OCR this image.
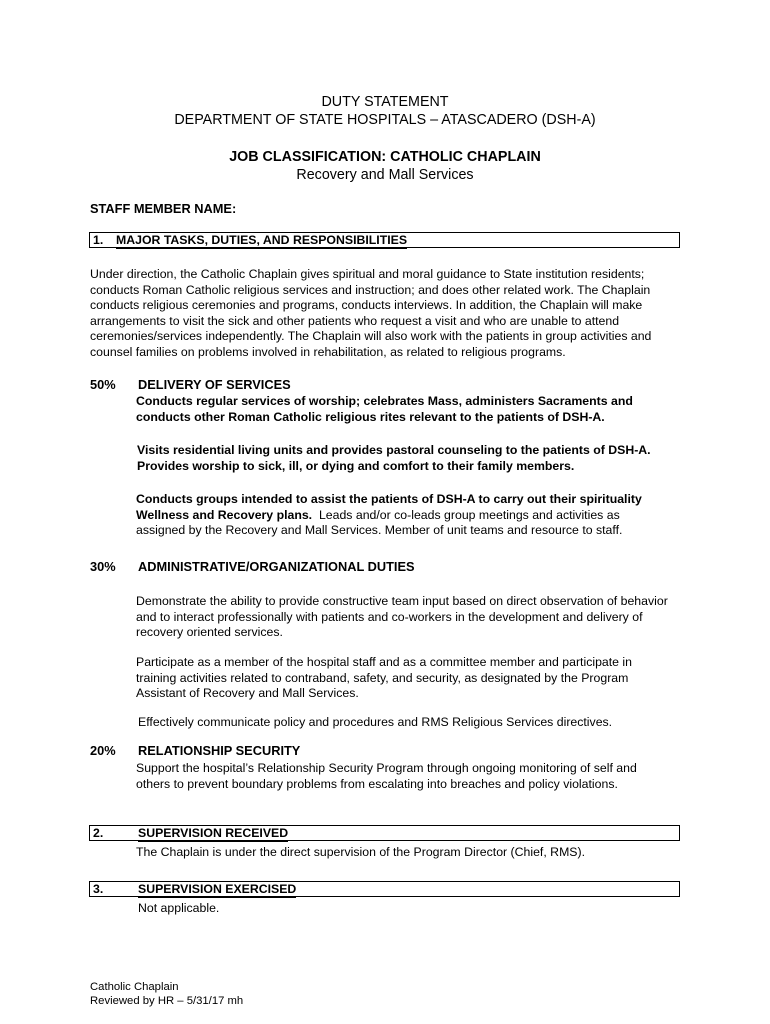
DUTY STATEMENT
DEPARTMENT OF STATE HOSPITALS – ATASCADERO (DSH-A)
JOB CLASSIFICATION: CATHOLIC CHAPLAIN
Recovery and Mall Services
STAFF MEMBER NAME:
1. MAJOR TASKS, DUTIES, AND RESPONSIBILITIES
Under direction, the Catholic Chaplain gives spiritual and moral guidance to State institution residents;
conducts Roman Catholic religious services and instruction; and does other related work. The Chaplain
conducts religious ceremonies and programs, conducts interviews. In addition, the Chaplain will make
arrangements to visit the sick and other patients who request a visit and who are unable to attend
ceremonies/services independently. The Chaplain will also work with the patients in group activities and
counsel families on problems involved in rehabilitation, as related to religious programs.
50% DELIVERY OF SERVICES
Conducts regular services of worship; celebrates Mass, administers Sacraments and
conducts other Roman Catholic religious rites relevant to the patients of DSH-A.
Visits residential living units and provides pastoral counseling to the patients of DSH-A.
Provides worship to sick, ill, or dying and comfort to their family members.
Conducts groups intended to assist the patients of DSH-A to carry out their spirituality
Wellness and Recovery plans.  Leads and/or co-leads group meetings and activities as
assigned by the Recovery and Mall Services. Member of unit teams and resource to staff.
30% ADMINISTRATIVE/ORGANIZATIONAL DUTIES
Demonstrate the ability to provide constructive team input based on direct observation of behavior
and to interact professionally with patients and co-workers in the development and delivery of
recovery oriented services.
Participate as a member of the hospital staff and as a committee member and participate in
training activities related to contraband, safety, and security, as designated by the Program
Assistant of Recovery and Mall Services.
Effectively communicate policy and procedures and RMS Religious Services directives.
20% RELATIONSHIP SECURITY
Support the hospital’s Relationship Security Program through ongoing monitoring of self and
others to prevent boundary problems from escalating into breaches and policy violations.
2.	SUPERVISION RECEIVED
The Chaplain is under the direct supervision of the Program Director (Chief, RMS).
3.	SUPERVISION EXERCISED
Not applicable.
Catholic Chaplain
Reviewed by HR – 5/31/17 mh
